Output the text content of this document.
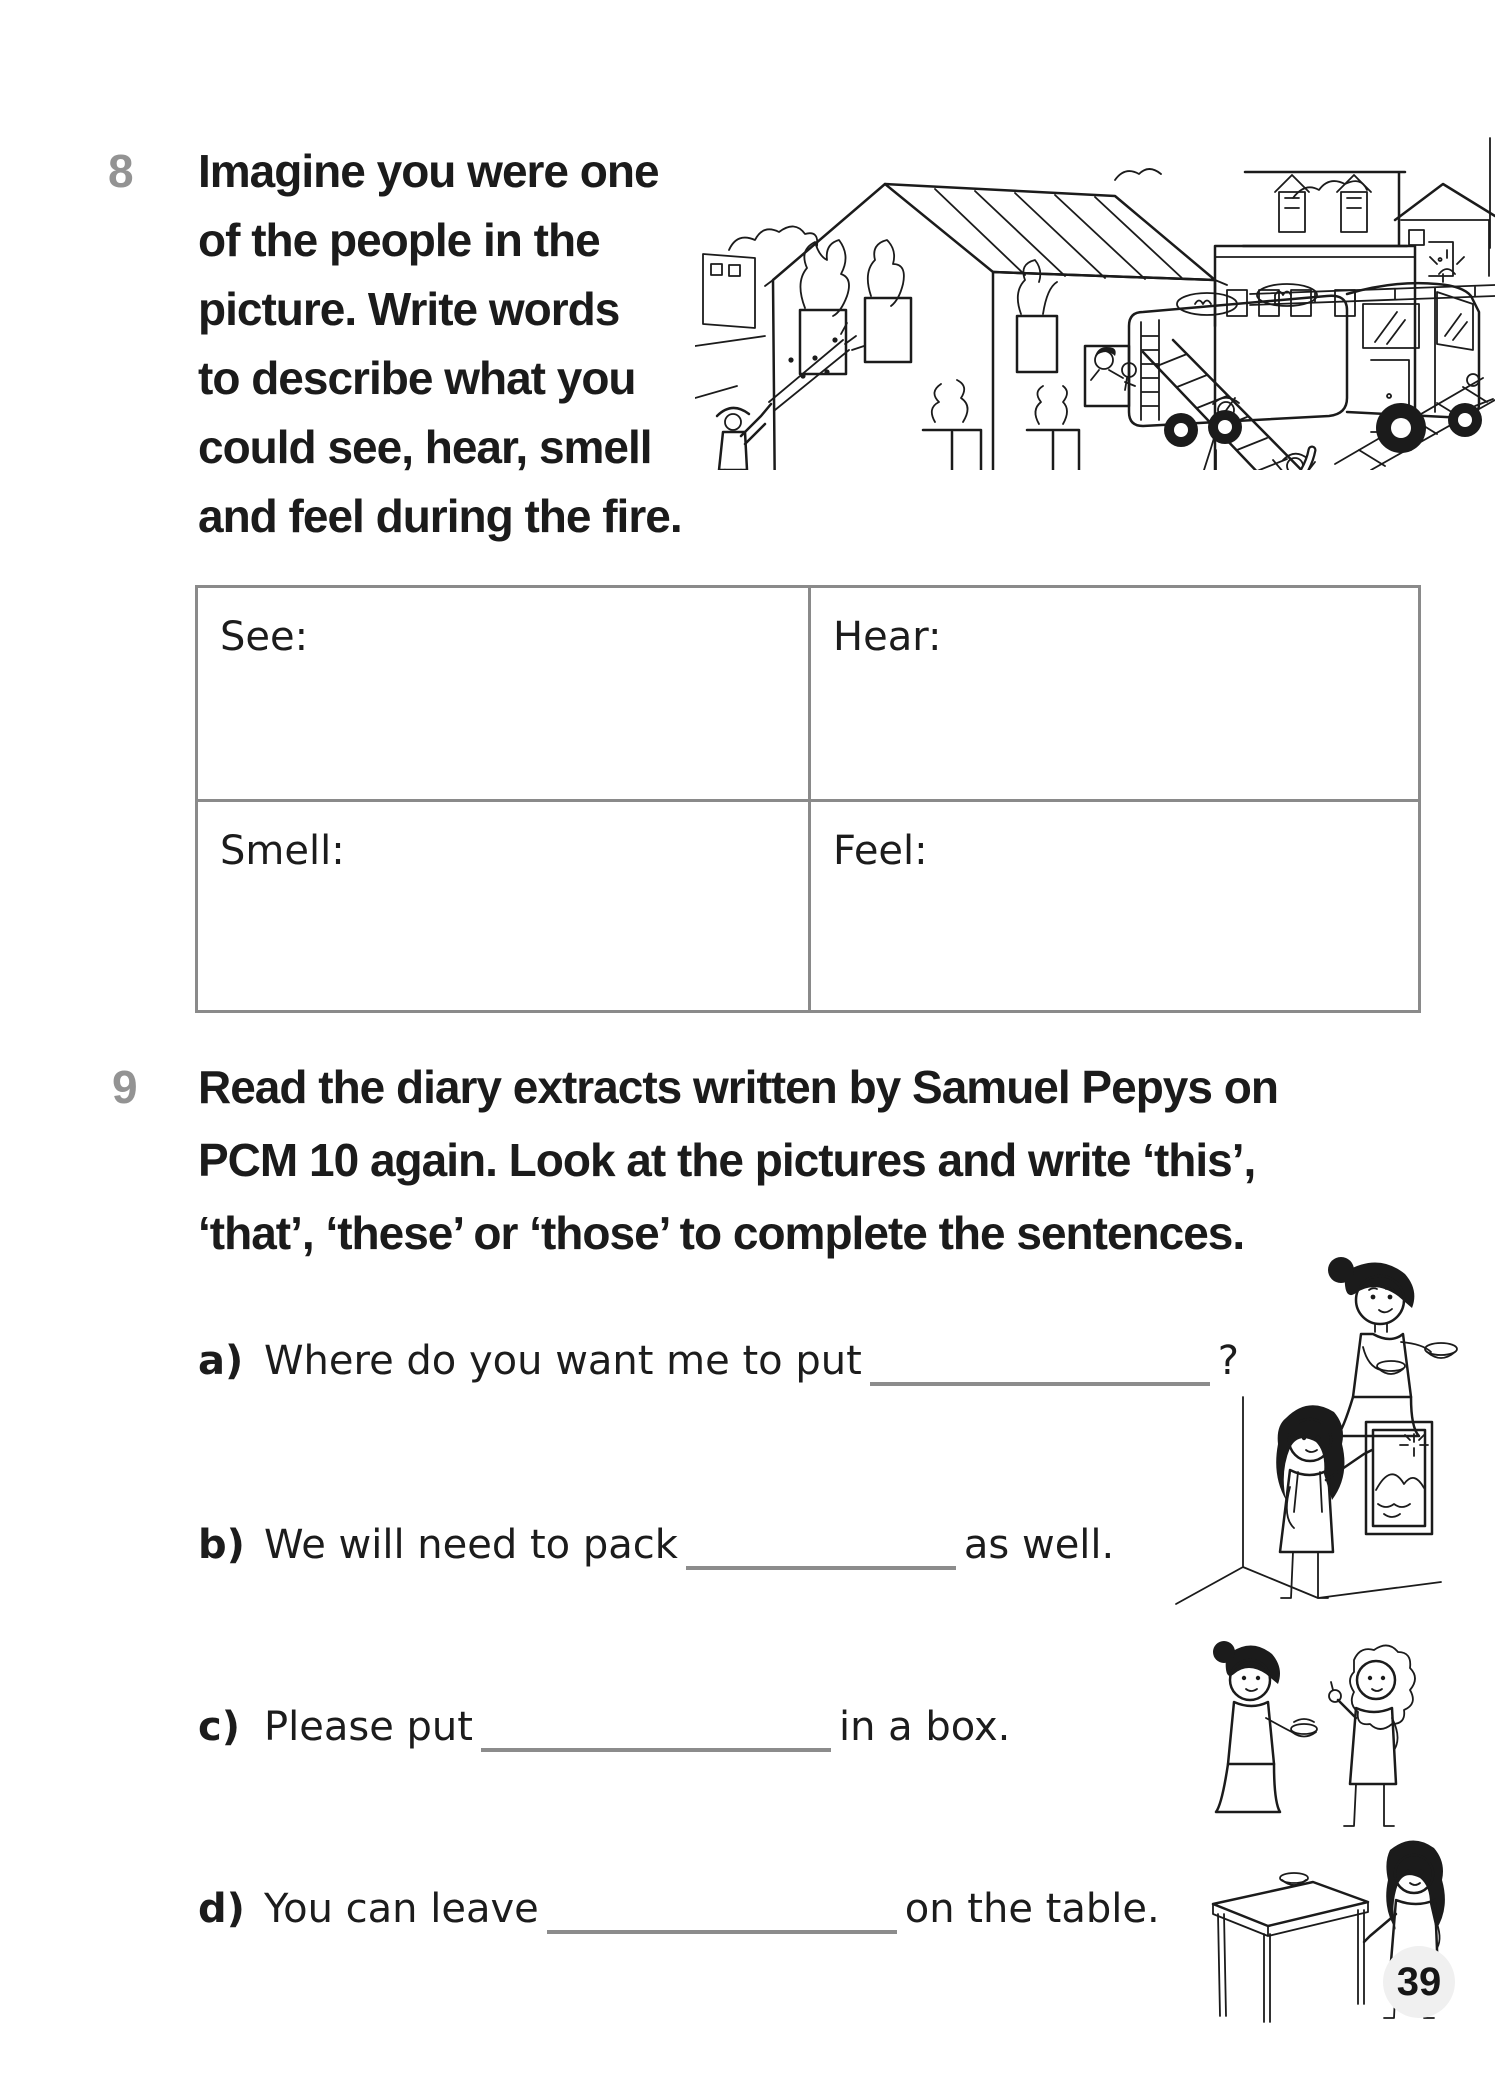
8 Imagine you were one
of the people in the
picture. Write words
to describe what you
could see, hear, smell
and feel during the fire.
See:	Hear:
Smell:	Feel:
9 Read the diary extracts written by Samuel Pepys on
PCM 10 again. Look at the pictures and write ‘this’,
‘that’, ‘these’ or ‘those’ to complete the sentences.
a) Where do you want me to put	?
b) We will need to pack	as well.
c) Please put	in a box.
d) You can leave	on the table.
39
